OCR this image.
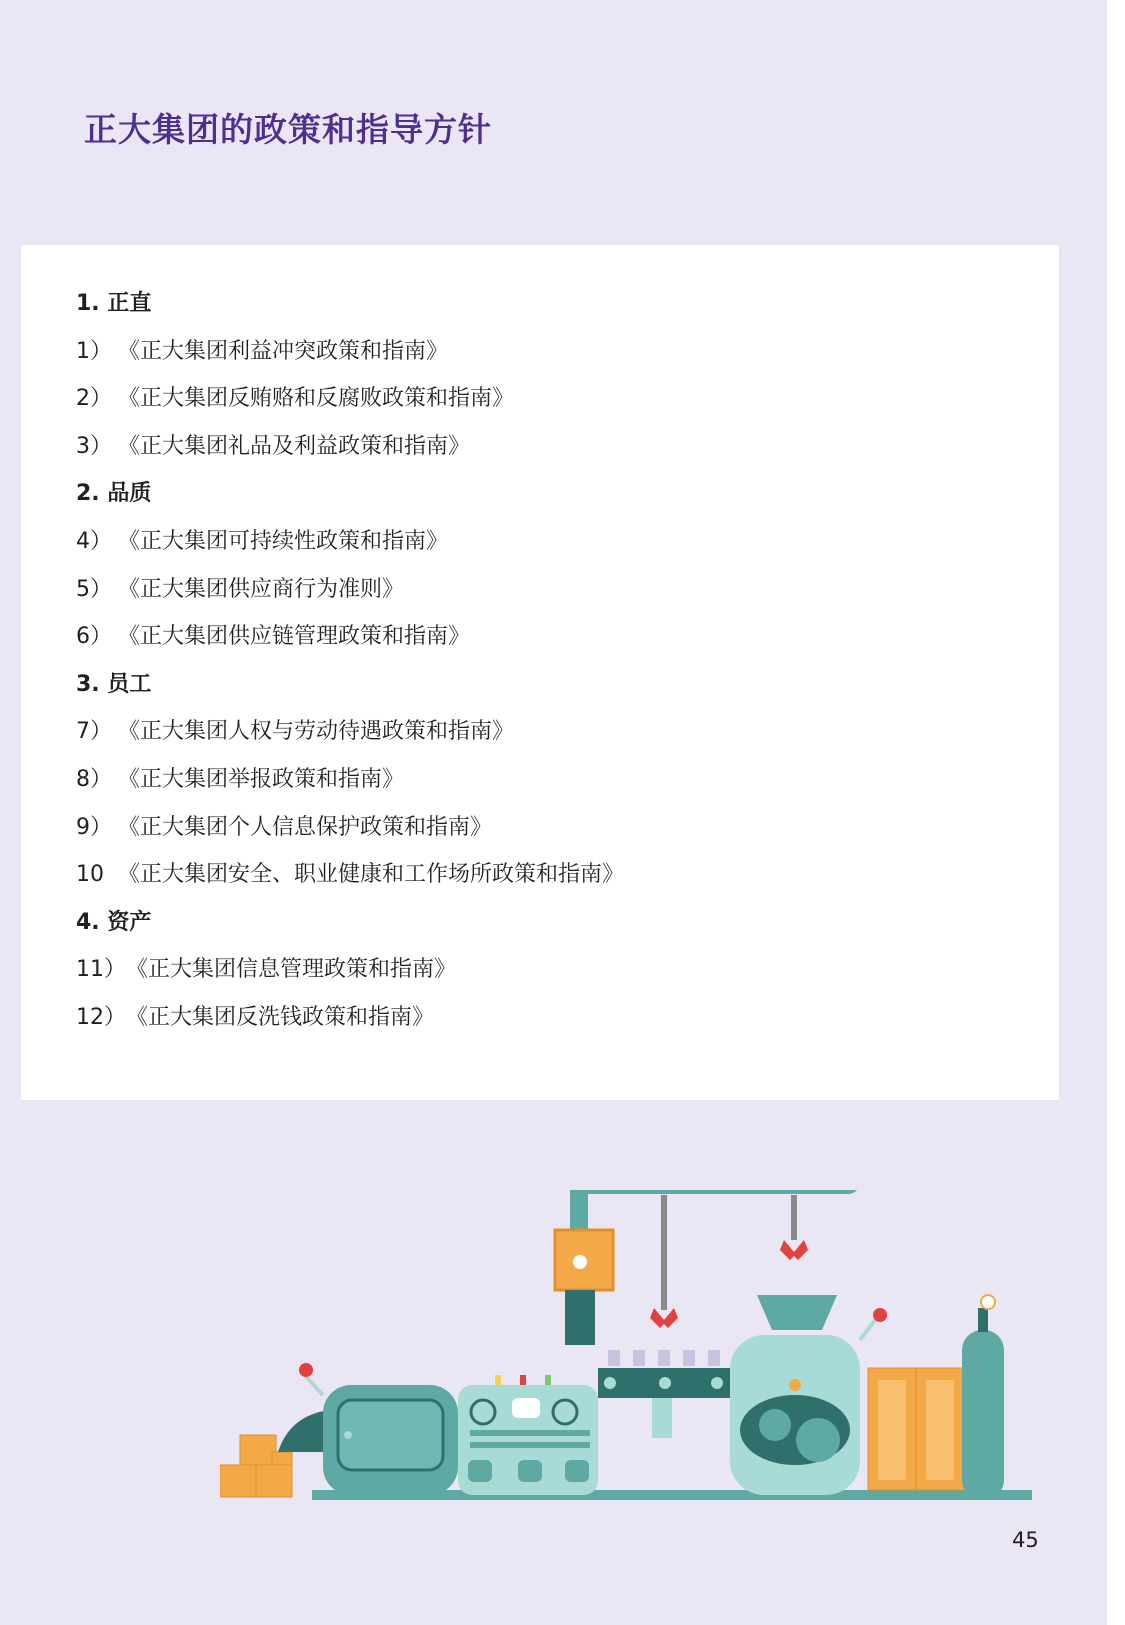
正大集团的政策和指导方针
1. 正直
1） 《正大集团利益冲突政策和指南》
2） 《正大集团反贿赂和反腐败政策和指南》
3） 《正大集团礼品及利益政策和指南》
2. 品质
4） 《正大集团可持续性政策和指南》
5） 《正大集团供应商行为准则》
6） 《正大集团供应链管理政策和指南》
3. 员工
7） 《正大集团人权与劳动待遇政策和指南》
8） 《正大集团举报政策和指南》
9） 《正大集团个人信息保护政策和指南》
10 《正大集团安全、职业健康和工作场所政策和指南》
4. 资产
11）《正大集团信息管理政策和指南》
12）《正大集团反洗钱政策和指南》
45
